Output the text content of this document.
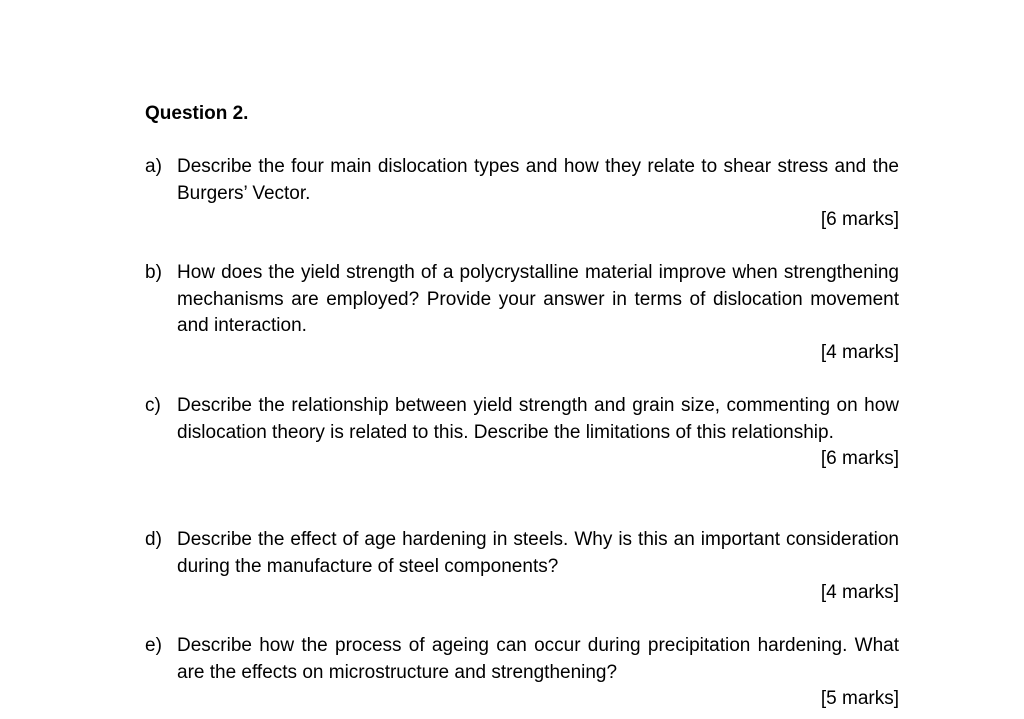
Question 2.
a) Describe the four main dislocation types and how they relate to shear stress and the Burgers’ Vector.
[6 marks]
b) How does the yield strength of a polycrystalline material improve when strengthening mechanisms are employed? Provide your answer in terms of dislocation movement and interaction.
[4 marks]
c) Describe the relationship between yield strength and grain size, commenting on how dislocation theory is related to this. Describe the limitations of this relationship.
[6 marks]
d) Describe the effect of age hardening in steels. Why is this an important consideration during the manufacture of steel components?
[4 marks]
e) Describe how the process of ageing can occur during precipitation hardening. What are the effects on microstructure and strengthening?
[5 marks]
